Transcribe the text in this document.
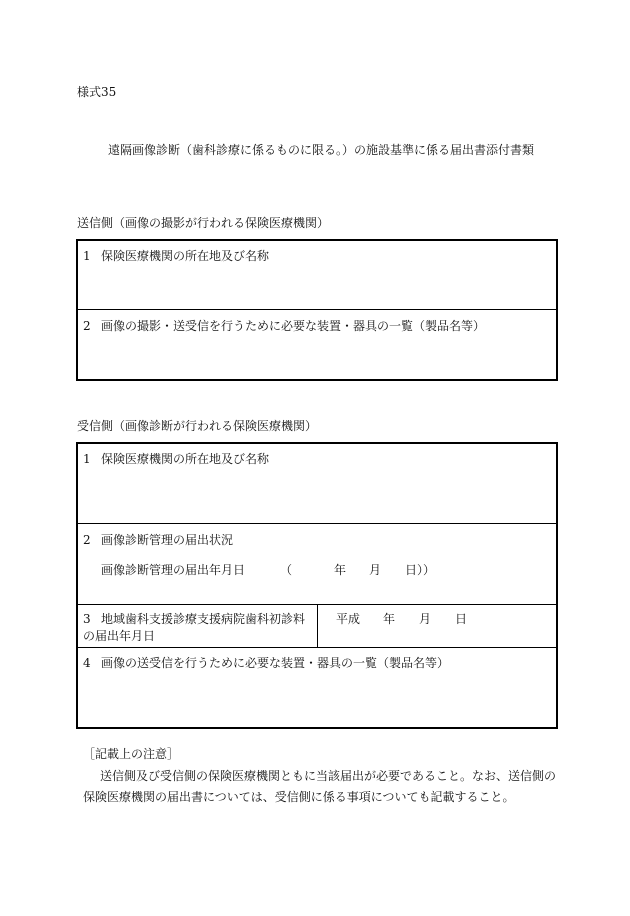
様式35
遠隔画像診断（歯科診療に係るものに限る。）の施設基準に係る届出書添付書類
送信側（画像の撮影が行われる保険医療機関）
1 保険医療機関の所在地及び名称
2 画像の撮影・送受信を行うために必要な装置・器具の一覧（製品名等）
受信側（画像診断が行われる保険医療機関）
1 保険医療機関の所在地及び名称
2 画像診断管理の届出状況
画像診断管理の届出年月日	（	年 月 日））
3 地域歯科支援診療支援病院歯科初診料
の届出年月日
平成 年 月 日
4 画像の送受信を行うために必要な装置・器具の一覧（製品名等）
［記載上の注意］
送信側及び受信側の保険医療機関ともに当該届出が必要であること。なお、送信側の
保険医療機関の届出書については、受信側に係る事項についても記載すること。
